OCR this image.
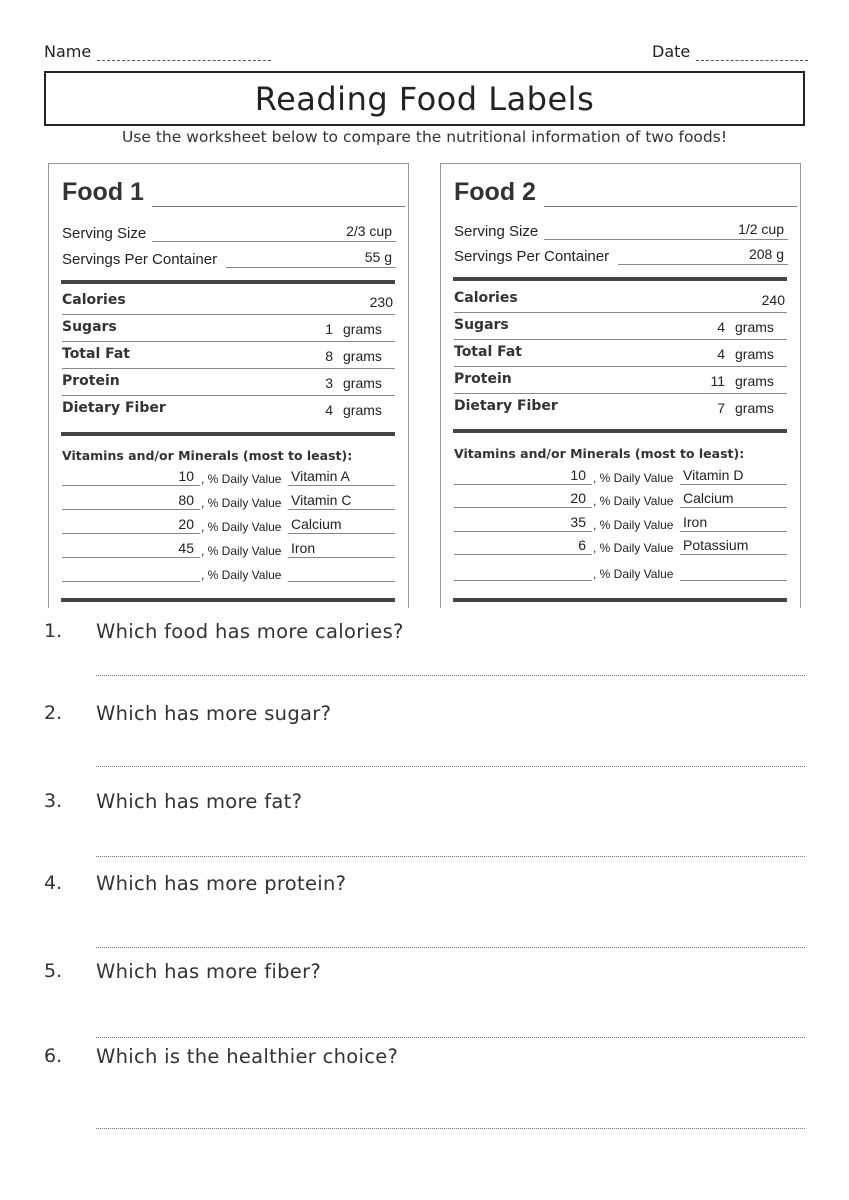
Name	Date
Reading Food Labels
Use the worksheet below to compare the nutritional information of two foods!
Food 1
Serving Size	2/3 cup
Servings Per Container	55 g
Calories	230
Sugars	1 grams
Total Fat	8 grams
Protein	3 grams
Dietary Fiber	4 grams
Vitamins and/or Minerals (most to least):
10 , % Daily Value Vitamin A
80 , % Daily Value Vitamin C
20 , % Daily Value Calcium
45 , % Daily Value Iron
, % Daily Value
Food 2
Serving Size	1/2 cup
Servings Per Container	208 g
Calories	240
Sugars	4 grams
Total Fat	4 grams
Protein	11 grams
Dietary Fiber	7 grams
Vitamins and/or Minerals (most to least):
10 , % Daily Value Vitamin D
20 , % Daily Value Calcium
35 , % Daily Value Iron
6 , % Daily Value Potassium
, % Daily Value
1. Which food has more calories?
2. Which has more sugar?
3. Which has more fat?
4. Which has more protein?
5. Which has more fiber?
6. Which is the healthier choice?
